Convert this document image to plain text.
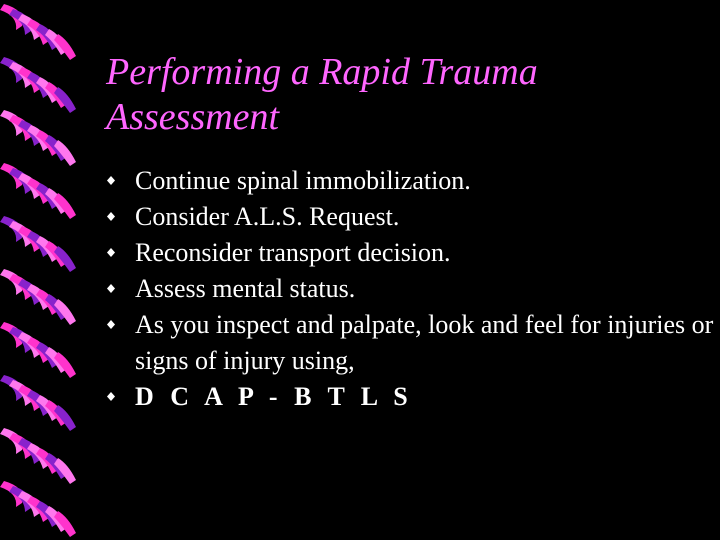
Performing a Rapid Trauma
Assessment
Continue spinal immobilization.
Consider A.L.S. Request.
Reconsider transport decision.
Assess mental status.
As you inspect and palpate, look and feel for injuries or signs of injury using,
D C A P - B T L S
